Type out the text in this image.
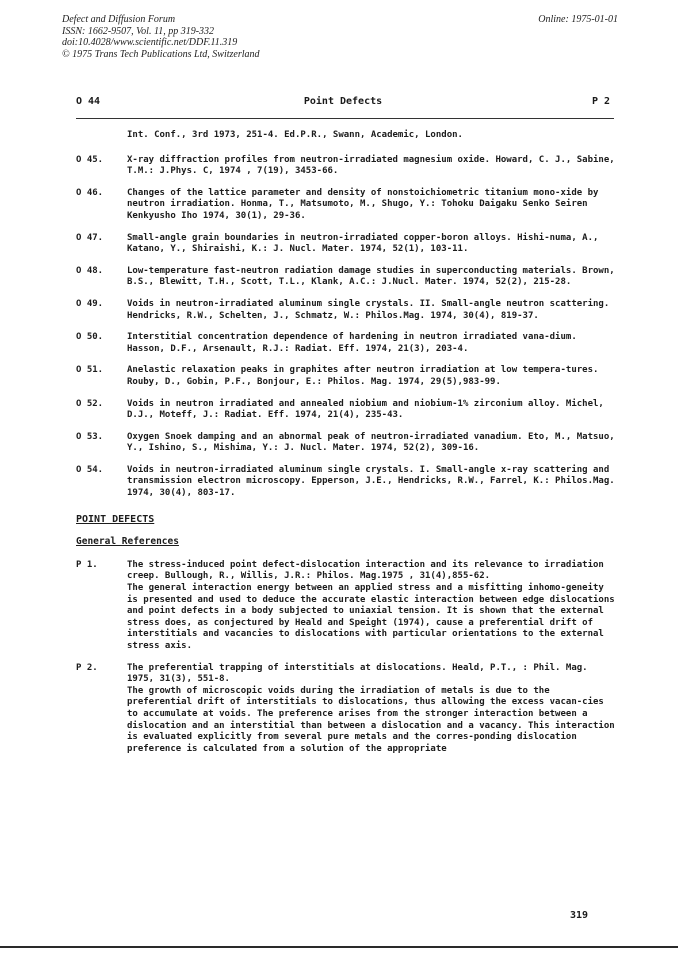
Defect and Diffusion Forum
ISSN: 1662-9507, Vol. 11, pp 319-332
doi:10.4028/www.scientific.net/DDF.11.319
© 1975 Trans Tech Publications Ltd, Switzerland
Online: 1975-01-01
O 44	Point Defects	P 2
Int. Conf., 3rd 1973, 251-4. Ed.P.R., Swann, Academic, London.
O 45.	X-ray diffraction profiles from neutron-irradiated magnesium oxide. Howard, C. J., Sabine, T.M.: J.Phys. C, 1974 , 7(19), 3453-66.
O 46.	Changes of the lattice parameter and density of nonstoichiometric titanium mono-xide by neutron irradiation. Honma, T., Matsumoto, M., Shugo, Y.: Tohoku Daigaku Senko Seiren Kenkyusho Iho 1974, 30(1), 29-36.
O 47.	Small-angle grain boundaries in neutron-irradiated copper-boron alloys. Hishi-numa, A., Katano, Y., Shiraishi, K.: J. Nucl. Mater. 1974, 52(1), 103-11.
O 48.	Low-temperature fast-neutron radiation damage studies in superconducting materials. Brown, B.S., Blewitt, T.H., Scott, T.L., Klank, A.C.: J.Nucl. Mater. 1974, 52(2), 215-28.
O 49.	Voids in neutron-irradiated aluminum single crystals. II. Small-angle neutron scattering. Hendricks, R.W., Schelten, J., Schmatz, W.: Philos.Mag. 1974, 30(4), 819-37.
O 50.	Interstitial concentration dependence of hardening in neutron irradiated vana-dium. Hasson, D.F., Arsenault, R.J.: Radiat. Eff. 1974, 21(3), 203-4.
O 51.	Anelastic relaxation peaks in graphites after neutron irradiation at low tempera-tures. Rouby, D., Gobin, P.F., Bonjour, E.: Philos. Mag. 1974, 29(5),983-99.
O 52.	Voids in neutron irradiated and annealed niobium and niobium-1% zirconium alloy. Michel, D.J., Moteff, J.: Radiat. Eff. 1974, 21(4), 235-43.
O 53.	Oxygen Snoek damping and an abnormal peak of neutron-irradiated vanadium. Eto, M., Matsuo, Y., Ishino, S., Mishima, Y.: J. Nucl. Mater. 1974, 52(2), 309-16.
O 54.	Voids in neutron-irradiated aluminum single crystals. I. Small-angle x-ray scattering and transmission electron microscopy. Epperson, J.E., Hendricks, R.W., Farrel, K.: Philos.Mag. 1974, 30(4), 803-17.
POINT DEFECTS
General References
P 1.	The stress-induced point defect-dislocation interaction and its relevance to irradiation creep. Bullough, R., Willis, J.R.: Philos. Mag.1975 , 31(4),855-62.
The general interaction energy between an applied stress and a misfitting inhomo-geneity is presented and used to deduce the accurate elastic interaction between edge dislocations and point defects in a body subjected to uniaxial tension. It is shown that the external stress does, as conjectured by Heald and Speight (1974), cause a preferential drift of interstitials and vacancies to dislocations with particular orientations to the external stress axis.
P 2.	The preferential trapping of interstitials at dislocations. Heald, P.T., : Phil. Mag. 1975, 31(3), 551-8.
The growth of microscopic voids during the irradiation of metals is due to the preferential drift of interstitials to dislocations, thus allowing the excess vacan-cies to accumulate at voids. The preference arises from the stronger interaction between a dislocation and an interstitial than between a dislocation and a vacancy. This interaction is evaluated explicitly from several pure metals and the corres-ponding dislocation preference is calculated from a solution of the appropriate
319
